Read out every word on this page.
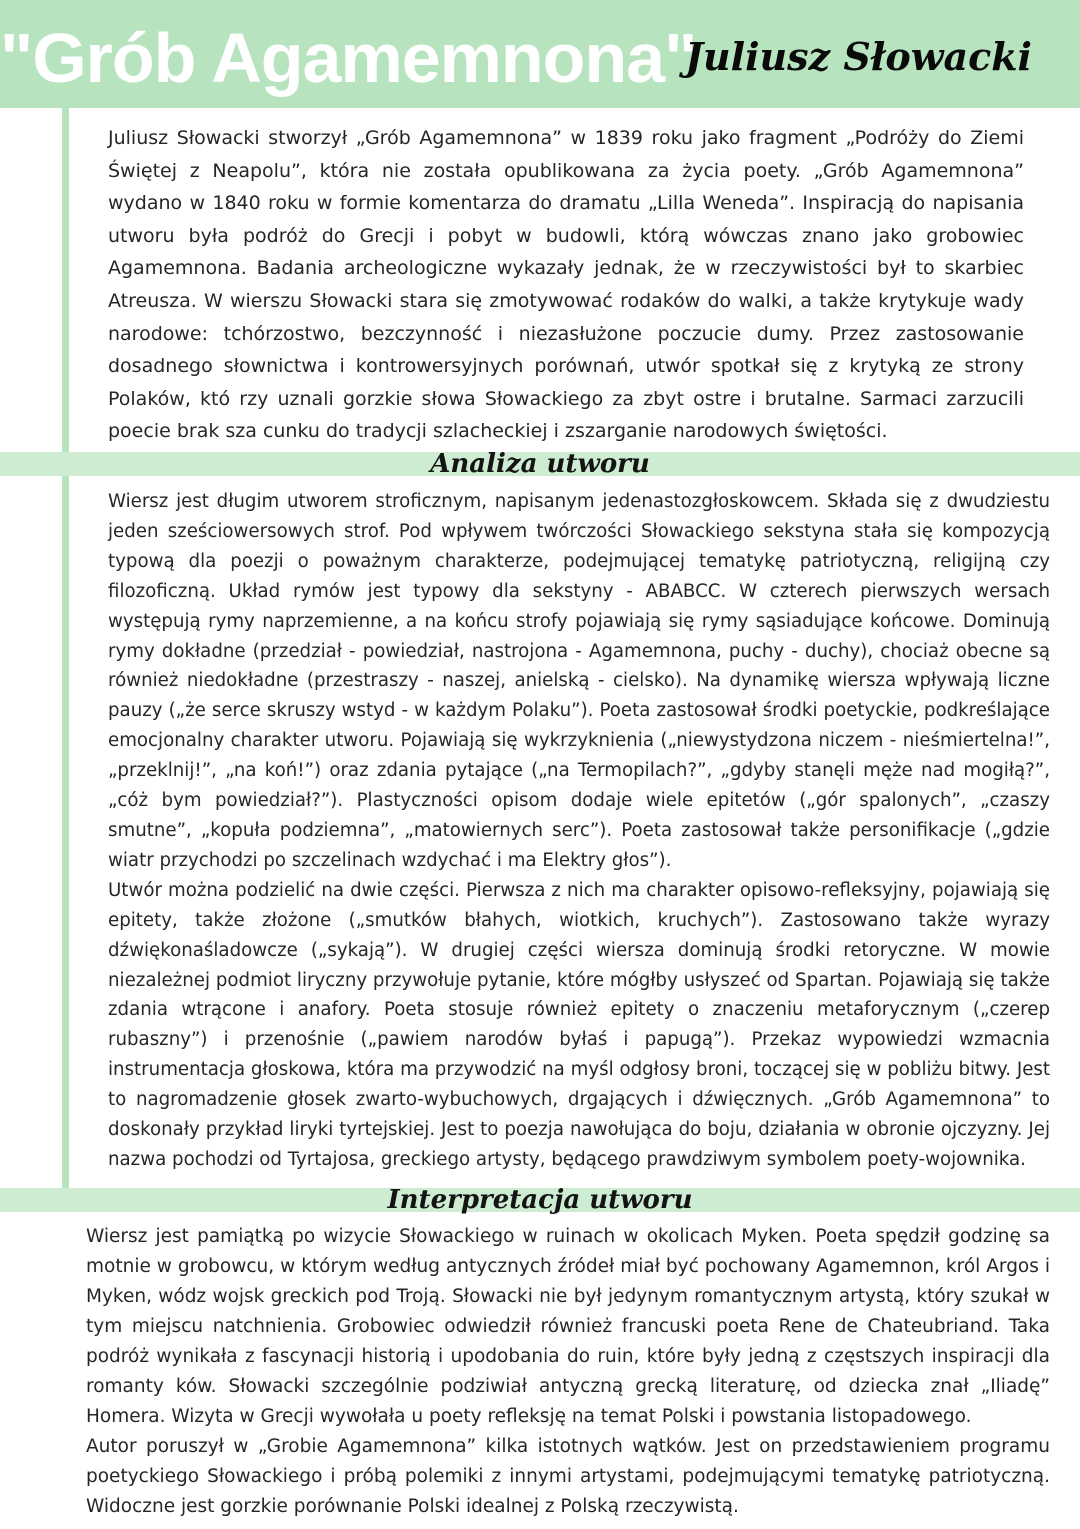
"Grób Agamemnona"
Juliusz Słowacki

Juliusz Słowacki stworzył „Grób Agamemnona” w 1839 roku jako fragment „Podróży do Ziemi Świętej z Neapolu”, która nie została opublikowana za życia poety. „Grób Agamemnona” wydano w 1840 roku w formie komentarza do dramatu „Lilla Weneda”. Inspiracją do napisania utworu była podróż do Grecji i pobyt w budowli, którą wówczas znano jako grobowiec Agamemnona. Badania archeologiczne wykazały jednak, że w rzeczywistości był to skarbiec Atreusza. W wierszu Słowacki stara się zmotywować rodaków do walki, a także krytykuje wady narodowe: tchórzostwo, bezczynność i niezasłużone poczucie dumy. Przez zastosowanie dosadnego słownictwa i kontrowersyjnych porównań, utwór spotkał się z krytyką ze strony Polaków, któ rzy uznali gorzkie słowa Słowackiego za zbyt ostre i brutalne. Sarmaci zarzucili poecie brak sza cunku do tradycji szlacheckiej i zszarganie narodowych świętości.

Analiza utworu

Wiersz jest długim utworem stroficznym, napisanym jedenastozgłoskowcem. Składa się z dwudziestu jeden sześciowersowych strof. Pod wpływem twórczości Słowackiego sekstyna stała się kompozycją typową dla poezji o poważnym charakterze, podejmującej tematykę patriotyczną, religijną czy filozoficzną. Układ rymów jest typowy dla sekstyny - ABABCC. W czterech pierwszych wersach występują rymy naprzemienne, a na końcu strofy pojawiają się rymy sąsiadujące końcowe. Dominują rymy dokładne (przedział - powiedział, nastrojona - Agamemnona, puchy - duchy), chociaż obecne są również niedokładne (przestraszy - naszej, anielską - cielsko). Na dynamikę wiersza wpływają liczne pauzy („że serce skruszy wstyd - w każdym Polaku”). Poeta zastosował środki poetyckie, podkreślające emocjonalny charakter utworu. Pojawiają się wykrzyknienia („niewystydzona niczem - nieśmiertelna!”, „przeklnij!”, „na koń!”) oraz zdania pytające („na Termopilach?”, „gdyby stanęli męże nad mogiłą?”, „cóż bym powiedział?”). Plastyczności opisom dodaje wiele epitetów („gór spalonych”, „czaszy smutne”, „kopuła podziemna”, „matowiernych serc”). Poeta zastosował także personifikacje („gdzie wiatr przychodzi po szczelinach wzdychać i ma Elektry głos”).

Utwór można podzielić na dwie części. Pierwsza z nich ma charakter opisowo-refleksyjny, pojawiają się epitety, także złożone („smutków błahych, wiotkich, kruchych”). Zastosowano także wyrazy dźwiękonaśladowcze („sykają”). W drugiej części wiersza dominują środki retoryczne. W mowie niezależnej podmiot liryczny przywołuje pytanie, które mógłby usłyszeć od Spartan. Pojawiają się także zdania wtrącone i anafory. Poeta stosuje również epitety o znaczeniu metaforycznym („czerep rubaszny”) i przenośnie („pawiem narodów byłaś i papugą”). Przekaz wypowiedzi wzmacnia instrumentacja głoskowa, która ma przywodzić na myśl odgłosy broni, toczącej się w pobliżu bitwy. Jest to nagromadzenie głosek zwarto-wybuchowych, drgających i dźwięcznych. „Grób Agamemnona” to doskonały przykład liryki tyrtejskiej. Jest to poezja nawołująca do boju, działania w obronie ojczyzny. Jej nazwa pochodzi od Tyrtajosa, greckiego artysty, będącego prawdziwym symbolem poety-wojownika.

Interpretacja utworu

Wiersz jest pamiątką po wizycie Słowackiego w ruinach w okolicach Myken. Poeta spędził godzinę sa motnie w grobowcu, w którym według antycznych źródeł miał być pochowany Agamemnon, król Argos i Myken, wódz wojsk greckich pod Troją. Słowacki nie był jedynym romantycznym artystą, który szukał w tym miejscu natchnienia. Grobowiec odwiedził również francuski poeta Rene de Chateubriand. Taka podróż wynikała z fascynacji historią i upodobania do ruin, które były jedną z częstszych inspiracji dla romanty ków. Słowacki szczególnie podziwiał antyczną grecką literaturę, od dziecka znał „Iliadę” Homera. Wizyta w Grecji wywołała u poety refleksję na temat Polski i powstania listopadowego.

Autor poruszył w „Grobie Agamemnona” kilka istotnych wątków. Jest on przedstawieniem programu poetyckiego Słowackiego i próbą polemiki z innymi artystami, podejmującymi tematykę patriotyczną. Widoczne jest gorzkie porównanie Polski idealnej z Polską rzeczywistą.
